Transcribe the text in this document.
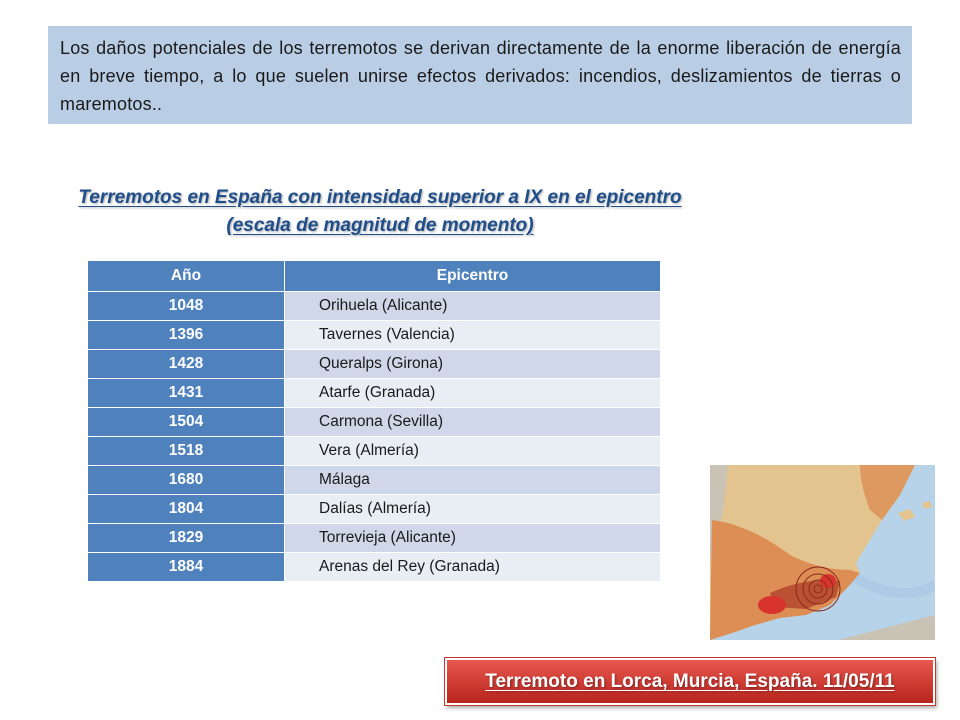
Los daños potenciales de los terremotos se derivan directamente de la enorme liberación de energía en breve tiempo, a lo que suelen unirse efectos derivados: incendios, deslizamientos de tierras o maremotos..
Terremotos en España con intensidad superior a IX en el epicentro
(escala de magnitud de momento)
Año	Epicentro
1048	Orihuela (Alicante)
1396	Tavernes (Valencia)
1428	Queralps (Girona)
1431	Atarfe (Granada)
1504	Carmona (Sevilla)
1518	Vera (Almería)
1680	Málaga
1804	Dalías (Almería)
1829	Torrevieja (Alicante)
1884	Arenas del Rey (Granada)
Terremoto en Lorca, Murcia, España. 11/05/11
